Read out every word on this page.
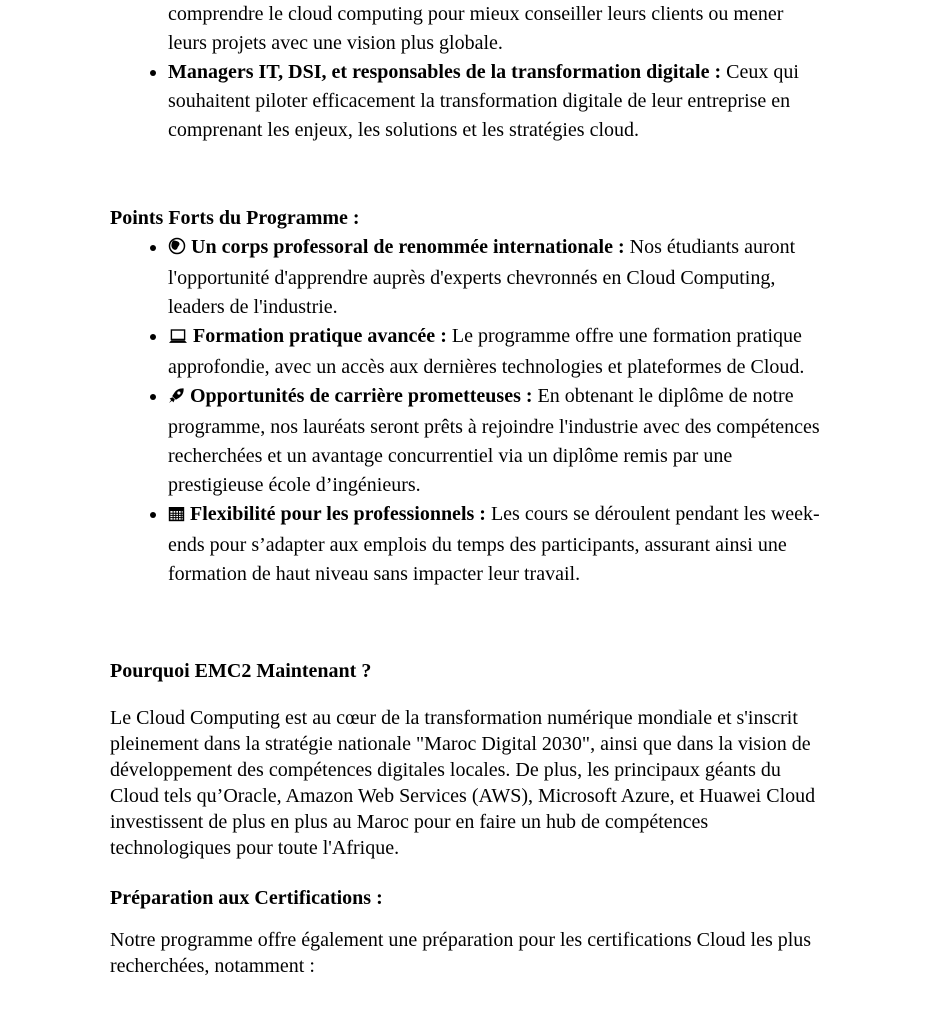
comprendre le cloud computing pour mieux conseiller leurs clients ou mener leurs projets avec une vision plus globale.

• Managers IT, DSI, et responsables de la transformation digitale : Ceux qui souhaitent piloter efficacement la transformation digitale de leur entreprise en comprenant les enjeux, les solutions et les stratégies cloud.

Points Forts du Programme :

• Un corps professoral de renommée internationale : Nos étudiants auront l'opportunité d'apprendre auprès d'experts chevronnés en Cloud Computing, leaders de l'industrie.
• Formation pratique avancée : Le programme offre une formation pratique approfondie, avec un accès aux dernières technologies et plateformes de Cloud.
• Opportunités de carrière prometteuses : En obtenant le diplôme de notre programme, nos lauréats seront prêts à rejoindre l'industrie avec des compétences recherchées et un avantage concurrentiel via un diplôme remis par une prestigieuse école d’ingénieurs.
• Flexibilité pour les professionnels : Les cours se déroulent pendant les week-ends pour s’adapter aux emplois du temps des participants, assurant ainsi une formation de haut niveau sans impacter leur travail.

Pourquoi EMC2 Maintenant ?

Le Cloud Computing est au cœur de la transformation numérique mondiale et s'inscrit pleinement dans la stratégie nationale "Maroc Digital 2030", ainsi que dans la vision de développement des compétences digitales locales. De plus, les principaux géants du Cloud tels qu’Oracle, Amazon Web Services (AWS), Microsoft Azure, et Huawei Cloud investissent de plus en plus au Maroc pour en faire un hub de compétences technologiques pour toute l'Afrique.

Préparation aux Certifications :

Notre programme offre également une préparation pour les certifications Cloud les plus recherchées, notamment :
